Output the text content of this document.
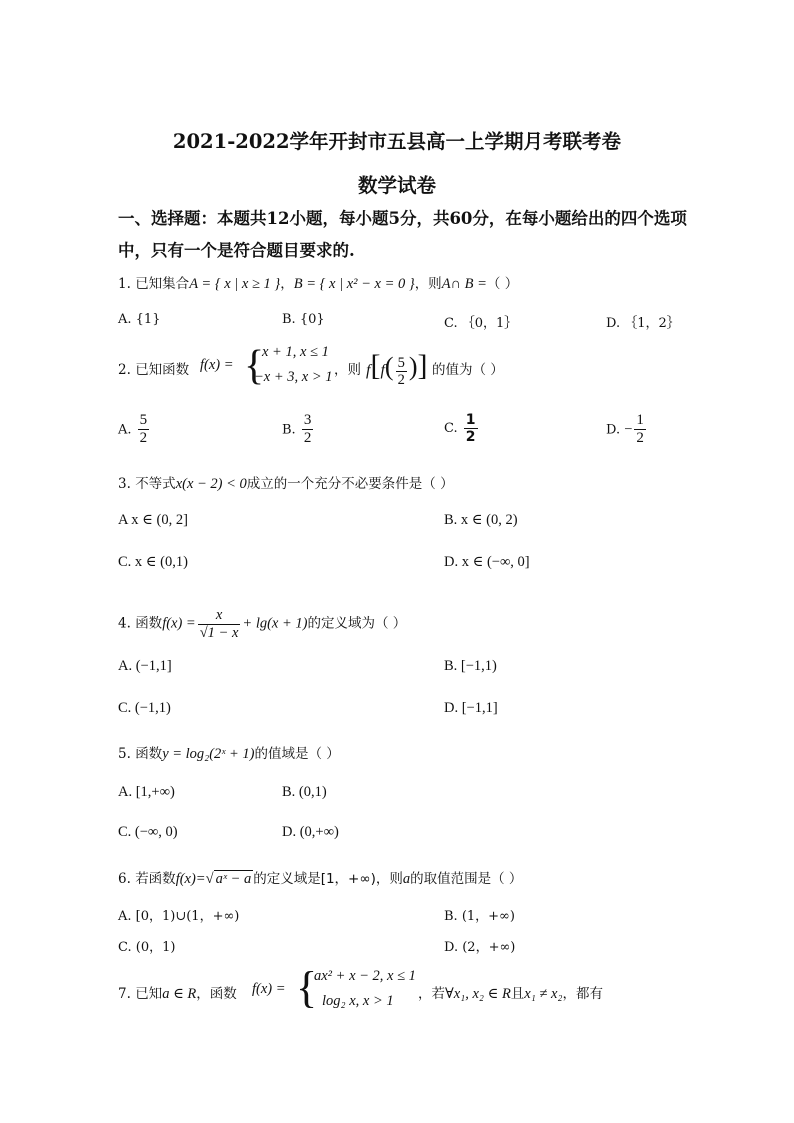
2021-2022学年开封市五县高一上学期月考联考卷
数学试卷
一、选择题：本题共12小题，每小题5分，共60分，在每小题给出的四个选项
中，只有一个是符合题目要求的.
1. 已知集合A = { x | x ≥ 1 }，B = { x | x² − x = 0 }，则A∩ B =（ ）
A. {1}	B. {0}	C. ｛0，1｝	D. ｛1，2｝
2. 已知函数 f(x) = {
x + 1, x ≤ 1
−x + 3, x > 1 ，则 $f[f( \frac{5}{2}$ )] 的值为（ ）
A. $\frac{5}{2}$	B. $\frac{3}{2}$	C. $\frac{1}{2}$	D. − $\frac{1}{2}$
3. 不等式x(x − 2) < 0成立的一个充分不必要条件是（ ）
A x ∈ (0, 2]	B. x ∈ (0, 2)
C. x ∈ (0,1)	D. x ∈ (−∞, 0]
4. 函数$f(x) = \frac{x}{√1 - x} + \lg(x + 1)$的定义域为（ ）
A. (−1,1]	B. [−1,1)
C. (−1,1)	D. [−1,1]
5. 函数y = log₂(2ˣ + 1)的值域是（ ）
A. [1,+∞)	B. (0,1)
C. (−∞, 0)	D. (0,+∞)
6. 若函数f(x)=√ aˣ − a 的定义域是[1，+∞)，则a的取值范围是（ ）
A. [0，1)∪(1，+∞)	B. (1，+∞)
C. (0，1)	D. (2，+∞)
7. 已知a ∈ R，函数 f(x) = {
ax² + x − 2, x ≤ 1
log₂ x, x > 1 ，若∀x₁, x₂ ∈ R且x₁ ≠ x₂，都有
